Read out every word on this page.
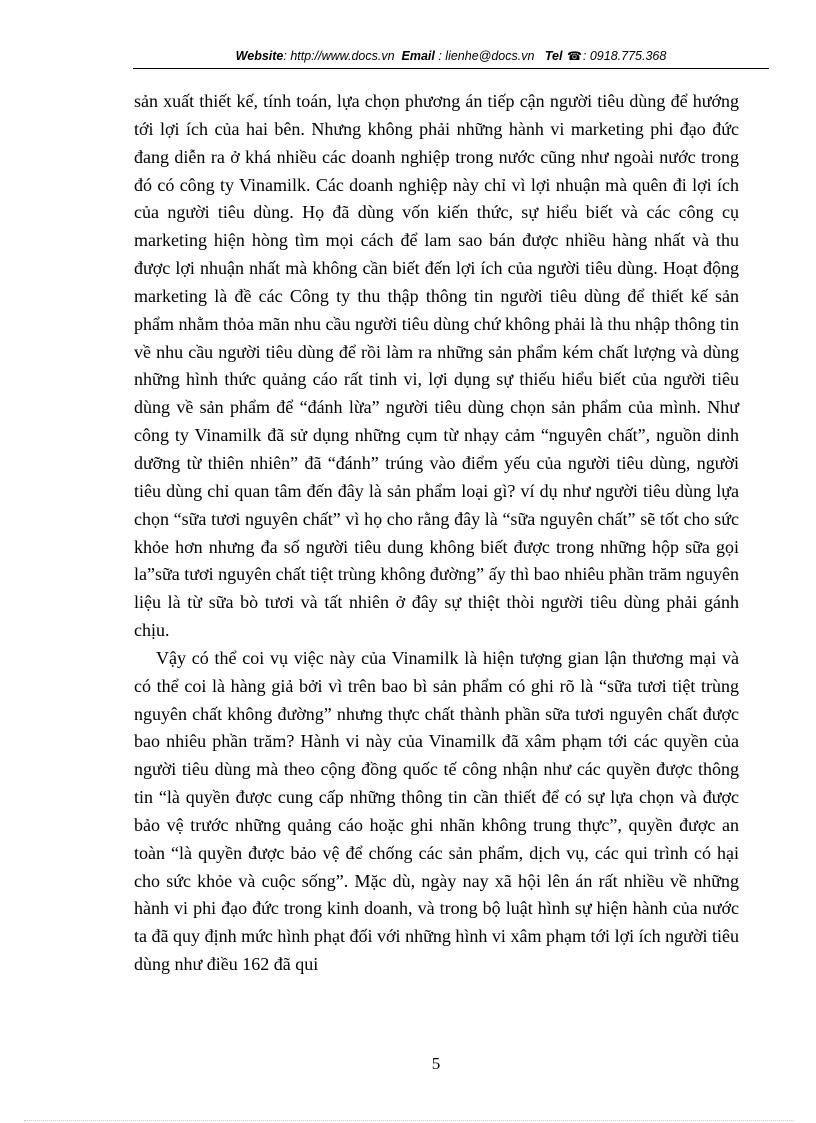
Website: http://www.docs.vn Email : lienhe@docs.vn Tel ☎: 0918.775.368

sản xuất thiết kế, tính toán, lựa chọn phương án tiếp cận người tiêu dùng để hướng tới lợi ích của hai bên. Nhưng không phải những hành vi marketing phi đạo đức đang diễn ra ở khá nhiều các doanh nghiệp trong nước cũng như ngoài nước trong đó có công ty Vinamilk. Các doanh nghiệp này chỉ vì lợi nhuận mà quên đi lợi ích của người tiêu dùng. Họ đã dùng vốn kiến thức, sự hiểu biết và các công cụ marketing hiện hòng tìm mọi cách để lam sao bán được nhiều hàng nhất và thu được lợi nhuận nhất mà không cần biết đến lợi ích của người tiêu dùng. Hoạt động marketing là đề các Công ty thu thập thông tin người tiêu dùng để thiết kế sản phẩm nhằm thỏa mãn nhu cầu người tiêu dùng chứ không phải là thu nhập thông tin về nhu cầu người tiêu dùng để rồi làm ra những sản phẩm kém chất lượng và dùng những hình thức quảng cáo rất tinh vi, lợi dụng sự thiếu hiểu biết của người tiêu dùng về sản phẩm để “đánh lừa” người tiêu dùng chọn sản phẩm của mình. Như công ty Vinamilk đã sử dụng những cụm từ nhạy cảm “nguyên chất”, nguồn dinh dưỡng từ thiên nhiên” đã “đánh” trúng vào điểm yếu của người tiêu dùng, người tiêu dùng chỉ quan tâm đến đây là sản phẩm loại gì? ví dụ như người tiêu dùng lựa chọn “sữa tươi nguyên chất” vì họ cho rằng đây là “sữa nguyên chất” sẽ tốt cho sức khỏe hơn nhưng đa số người tiêu dung không biết được trong những hộp sữa gọi la”sữa tươi nguyên chất tiệt trùng không đường” ấy thì bao nhiêu phần trăm nguyên liệu là từ sữa bò tươi và tất nhiên ở đây sự thiệt thòi người tiêu dùng phải gánh chịu.

Vậy có thể coi vụ việc này của Vinamilk là hiện tượng gian lận thương mại và có thể coi là hàng giả bởi vì trên bao bì sản phẩm có ghi rõ là “sữa tươi tiệt trùng nguyên chất không đường” nhưng thực chất thành phần sữa tươi nguyên chất được bao nhiêu phần trăm? Hành vi này của Vinamilk đã xâm phạm tới các quyền của người tiêu dùng mà theo cộng đồng quốc tế công nhận như các quyền được thông tin “là quyền được cung cấp những thông tin cần thiết để có sự lựa chọn và được bảo vệ trước những quảng cáo hoặc ghi nhãn không trung thực”, quyền được an toàn “là quyền được bảo vệ để chống các sản phẩm, dịch vụ, các qui trình có hại cho sức khỏe và cuộc sống”. Mặc dù, ngày nay xã hội lên án rất nhiều về những hành vi phi đạo đức trong kinh doanh, và trong bộ luật hình sự hiện hành của nước ta đã quy định mức hình phạt đối với những hình vi xâm phạm tới lợi ích người tiêu dùng như điều 162 đã qui

5
